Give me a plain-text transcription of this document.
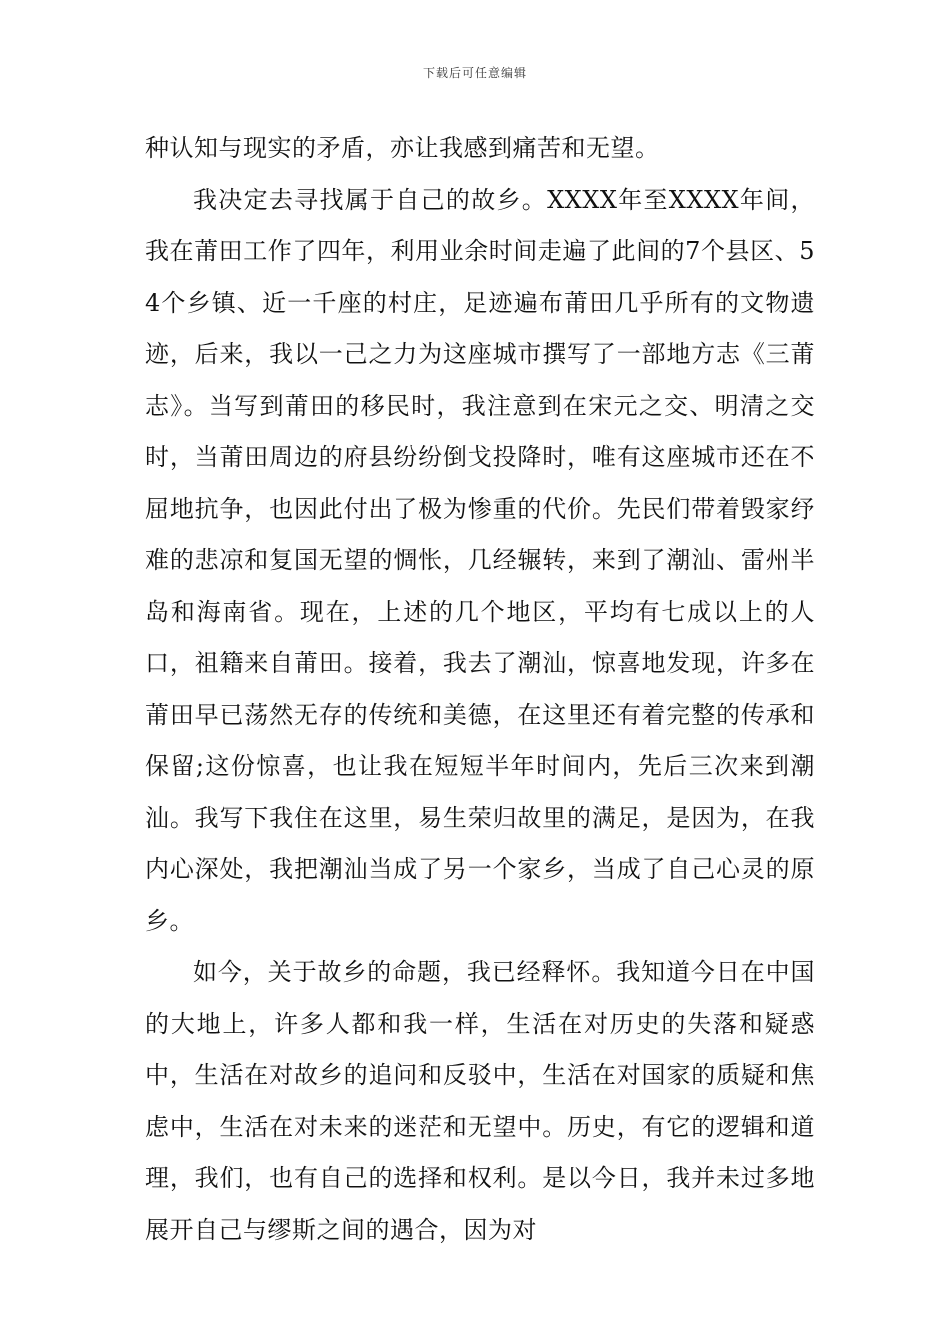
下载后可任意编辑

种认知与现实的矛盾，亦让我感到痛苦和无望。

我决定去寻找属于自己的故乡。XXXX年至XXXX年间，我在莆田工作了四年，利用业余时间走遍了此间的7个县区、54个乡镇、近一千座的村庄，足迹遍布莆田几乎所有的文物遗迹，后来，我以一己之力为这座城市撰写了一部地方志《三莆志》。当写到莆田的移民时，我注意到在宋元之交、明清之交时，当莆田周边的府县纷纷倒戈投降时，唯有这座城市还在不屈地抗争，也因此付出了极为惨重的代价。先民们带着毁家纾难的悲凉和复国无望的惆怅，几经辗转，来到了潮汕、雷州半岛和海南省。现在，上述的几个地区，平均有七成以上的人口，祖籍来自莆田。接着，我去了潮汕，惊喜地发现，许多在莆田早已荡然无存的传统和美德，在这里还有着完整的传承和保留;这份惊喜，也让我在短短半年时间内，先后三次来到潮汕。我写下我住在这里，易生荣归故里的满足，是因为，在我内心深处，我把潮汕当成了另一个家乡，当成了自己心灵的原乡。

如今，关于故乡的命题，我已经释怀。我知道今日在中国的大地上，许多人都和我一样，生活在对历史的失落和疑惑中，生活在对故乡的追问和反驳中，生活在对国家的质疑和焦虑中，生活在对未来的迷茫和无望中。历史，有它的逻辑和道理，我们，也有自己的选择和权利。是以今日，我并未过多地展开自己与缪斯之间的遇合，因为对
